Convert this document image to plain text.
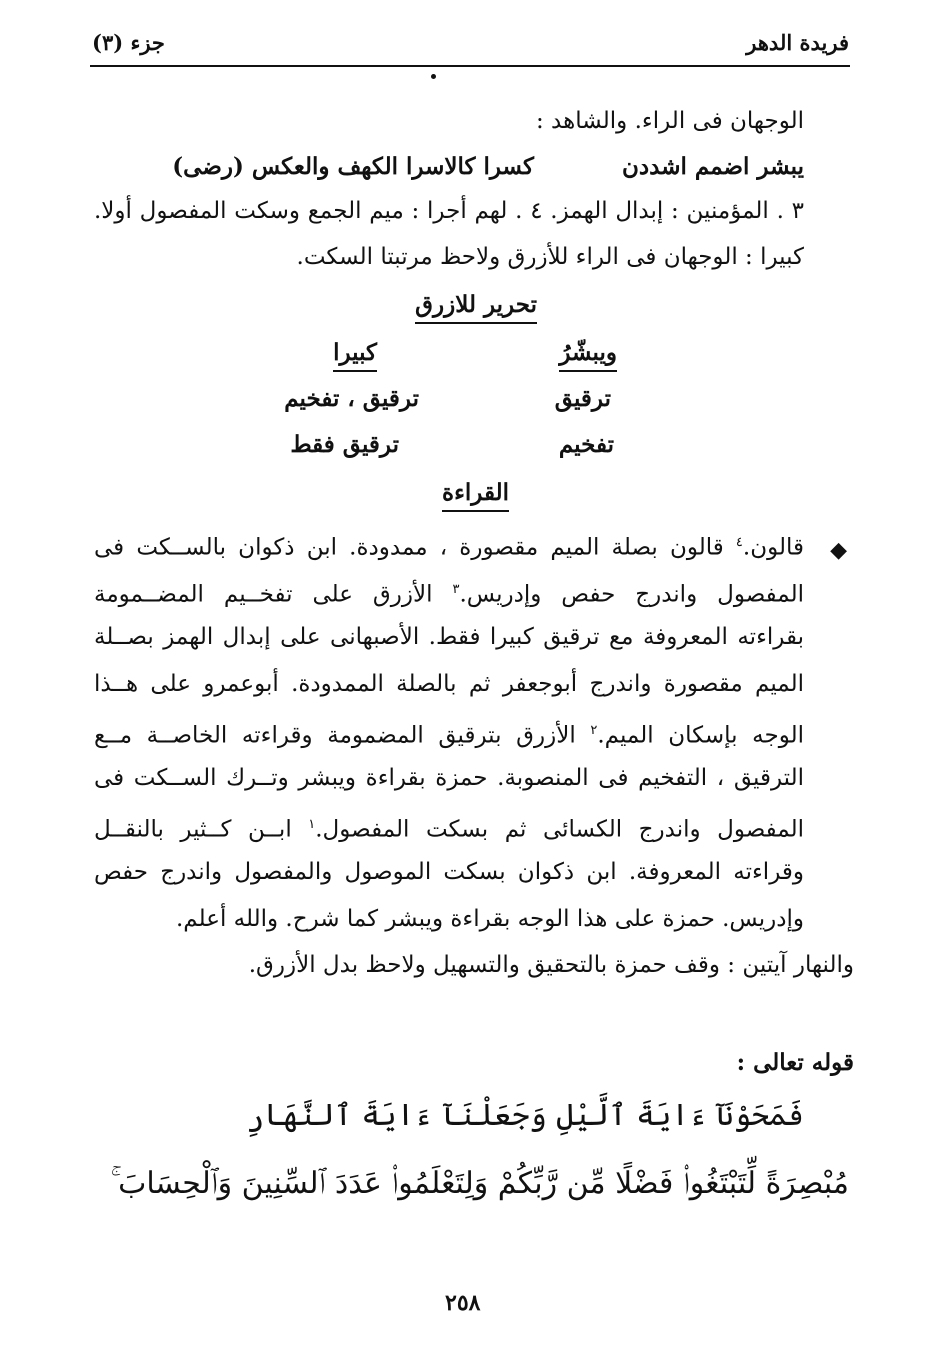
فريدة الدهر
جزء (٣)
الوجهان فى الراء. والشاهد :
يبشر اضمم اشددن
كسرا كالاسرا الكهف والعكس (رضى)
٣ . المؤمنين : إبدال الهمز. ٤ . لهم أجرا : ميم الجمع وسكت المفصول أولا.
كبيرا : الوجهان فى الراء للأزرق ولاحظ مرتبتا السكت.
تحرير للازرق
ويبشّرُ
كبيرا
ترقيق
ترقيق ، تفخيم
تفخيم
ترقيق فقط
القراءة
◆
قالون.$^٤$ قالون بصلة الميم مقصورة ، ممدودة. ابن ذكوان بالســكت فى
المفصول واندرج حفص وإدريس.$^٣$ الأزرق على تفخــيم المضــمومة
بقراءته المعروفة مع ترقيق كبيرا فقط. الأصبهانى على إبدال الهمز بصــلة
الميم مقصورة واندرج أبوجعفر ثم بالصلة الممدودة. أبوعمرو على هــذا
الوجه بإسكان الميم.$^٢$ الأزرق بترقيق المضمومة وقراءته الخاصــة مــع
الترقيق ، التفخيم فى المنصوبة. حمزة بقراءة ويبشر وتــرك الســكت فى
المفصول واندرج الكسائى ثم بسكت المفصول.$^١$ ابــن كــثير بالنقــل
وقراءته المعروفة. ابن ذكوان بسكت الموصول والمفصول واندرج حفص
وإدريس. حمزة على هذا الوجه بقراءة ويبشر كما شرح. والله أعلم.
والنهار آيتين : وقف حمزة بالتحقيق والتسهيل ولاحظ بدل الأزرق.
قوله تعالى :
فَمَحَوْنَآ ءَايَةَ ٱلَّيْلِ وَجَعَلْنَآ ءَايَةَ ٱلنَّهَارِ
مُبْصِرَةً لِّتَبْتَغُوا۟ فَضْلًا مِّن رَّبِّكُمْ وَلِتَعْلَمُوا۟ عَدَدَ ٱلسِّنِينَ وَٱلْحِسَابَ ۚ
٢٥٨
